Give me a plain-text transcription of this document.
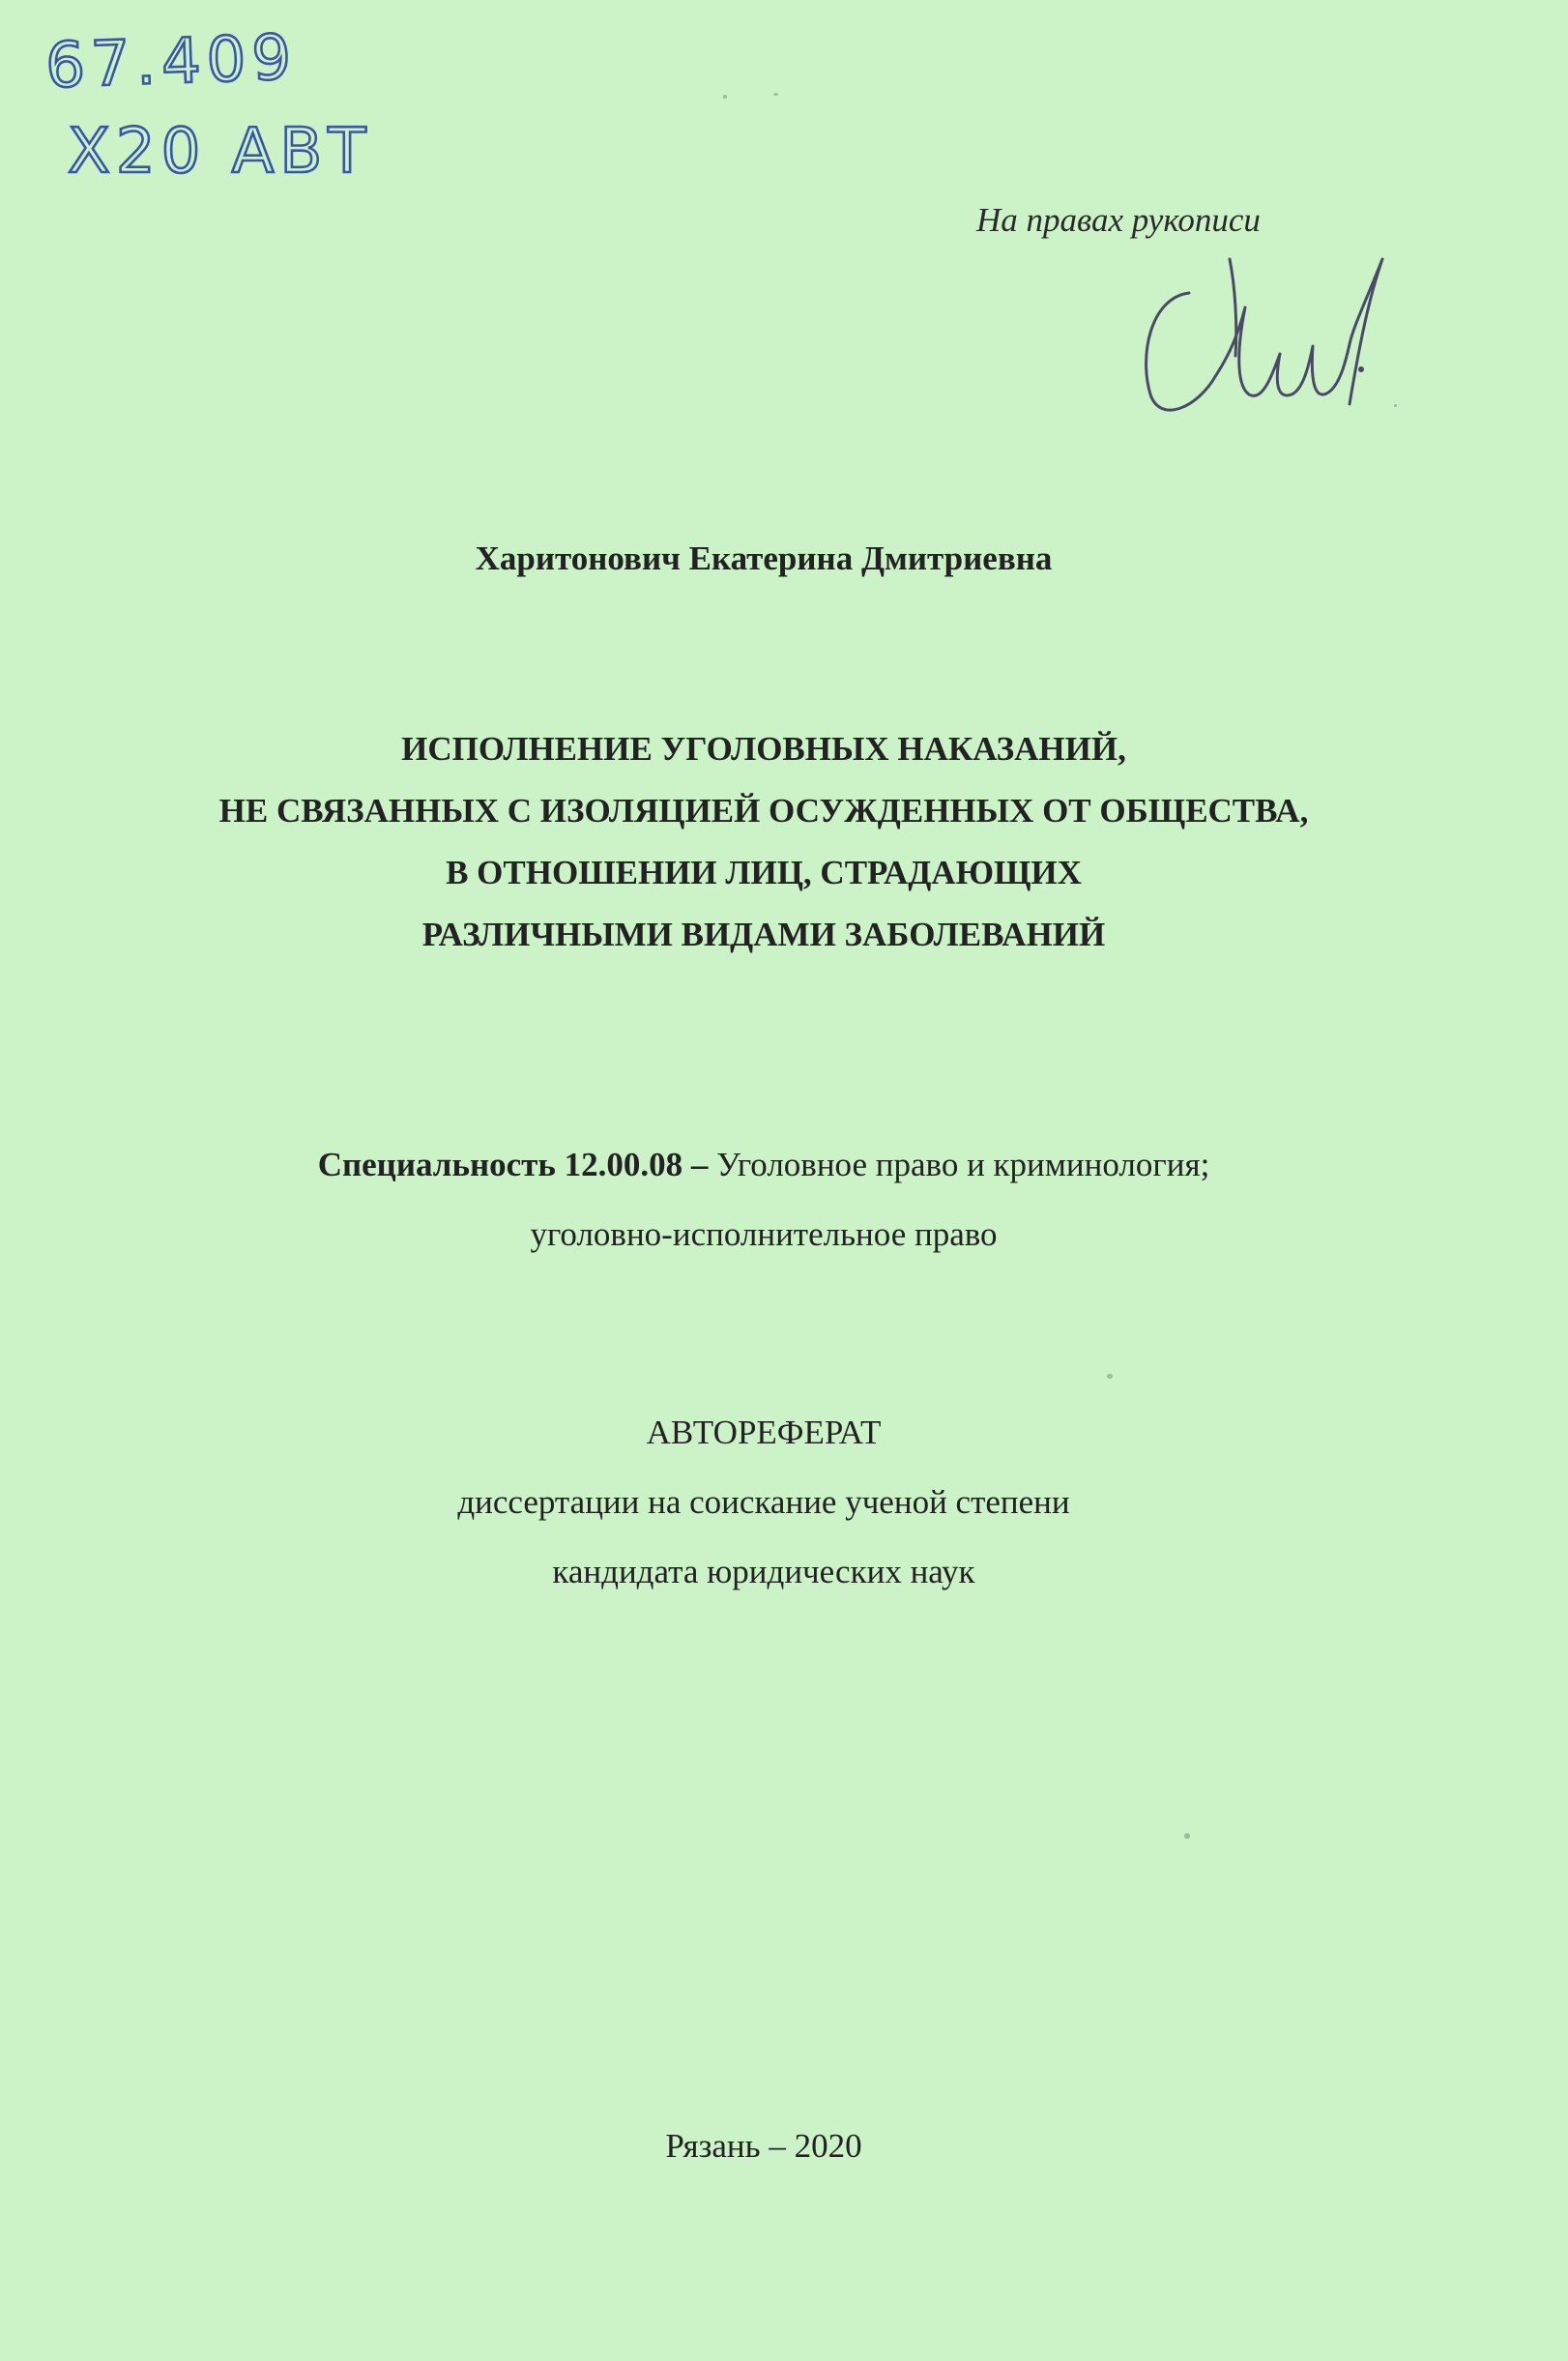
67.409
X20 ABT
На правах рукописи
Харитонович Екатерина Дмитриевна
ИСПОЛНЕНИЕ УГОЛОВНЫХ НАКАЗАНИЙ,
НЕ СВЯЗАННЫХ С ИЗОЛЯЦИЕЙ ОСУЖДЕННЫХ ОТ ОБЩЕСТВА,
В ОТНОШЕНИИ ЛИЦ, СТРАДАЮЩИХ
РАЗЛИЧНЫМИ ВИДАМИ ЗАБОЛЕВАНИЙ
Специальность 12.00.08 – Уголовное право и криминология;
уголовно-исполнительное право
АВТОРЕФЕРАТ
диссертации на соискание ученой степени
кандидата юридических наук
Рязань – 2020
